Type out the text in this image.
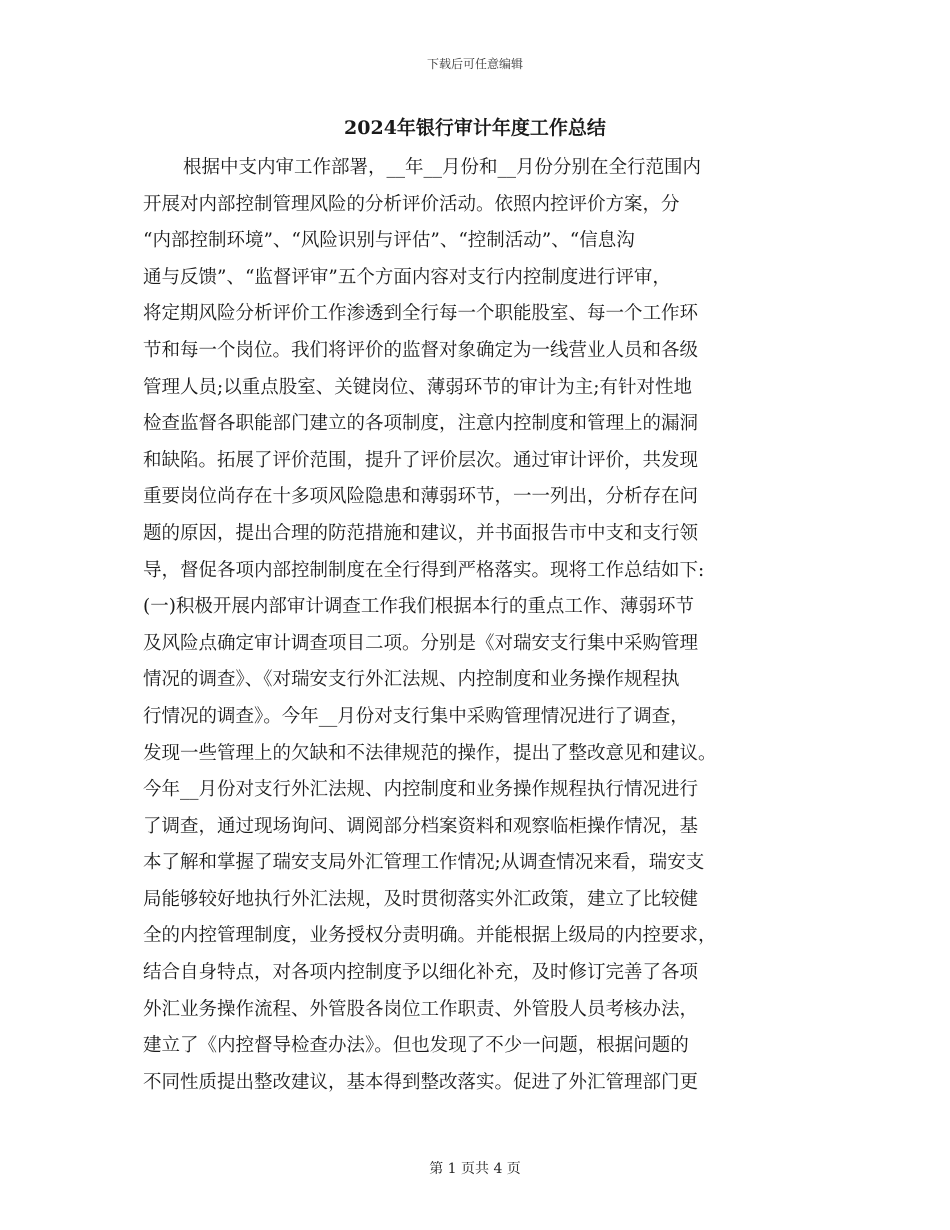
下载后可任意编辑
2024年银行审计年度工作总结
根据中支内审工作部署，__年__月份和__月份分别在全行范围内
开展对内部控制管理风险的分析评价活动。依照内控评价方案，分
“内部控制环境”、“风险识别与评估”、“控制活动”、“信息沟
通与反馈”、“监督评审”五个方面内容对支行内控制度进行评审，
将定期风险分析评价工作渗透到全行每一个职能股室、每一个工作环
节和每一个岗位。我们将评价的监督对象确定为一线营业人员和各级
管理人员;以重点股室、关键岗位、薄弱环节的审计为主;有针对性地
检查监督各职能部门建立的各项制度，注意内控制度和管理上的漏洞
和缺陷。拓展了评价范围，提升了评价层次。通过审计评价，共发现
重要岗位尚存在十多项风险隐患和薄弱环节，一一列出，分析存在问
题的原因，提出合理的防范措施和建议，并书面报告市中支和支行领
导，督促各项内部控制制度在全行得到严格落实。现将工作总结如下:
(一)积极开展内部审计调查工作我们根据本行的重点工作、薄弱环节
及风险点确定审计调查项目二项。分别是《对瑞安支行集中采购管理
情况的调查》、《对瑞安支行外汇法规、内控制度和业务操作规程执
行情况的调查》。今年__月份对支行集中采购管理情况进行了调查，
发现一些管理上的欠缺和不法律规范的操作，提出了整改意见和建议。
今年__月份对支行外汇法规、内控制度和业务操作规程执行情况进行
了调查，通过现场询问、调阅部分档案资料和观察临柜操作情况，基
本了解和掌握了瑞安支局外汇管理工作情况;从调查情况来看，瑞安支
局能够较好地执行外汇法规，及时贯彻落实外汇政策，建立了比较健
全的内控管理制度，业务授权分责明确。并能根据上级局的内控要求，
结合自身特点，对各项内控制度予以细化补充，及时修订完善了各项
外汇业务操作流程、外管股各岗位工作职责、外管股人员考核办法，
建立了《内控督导检查办法》。但也发现了不少一问题，根据问题的
不同性质提出整改建议，基本得到整改落实。促进了外汇管理部门更
第 1 页共 4 页
